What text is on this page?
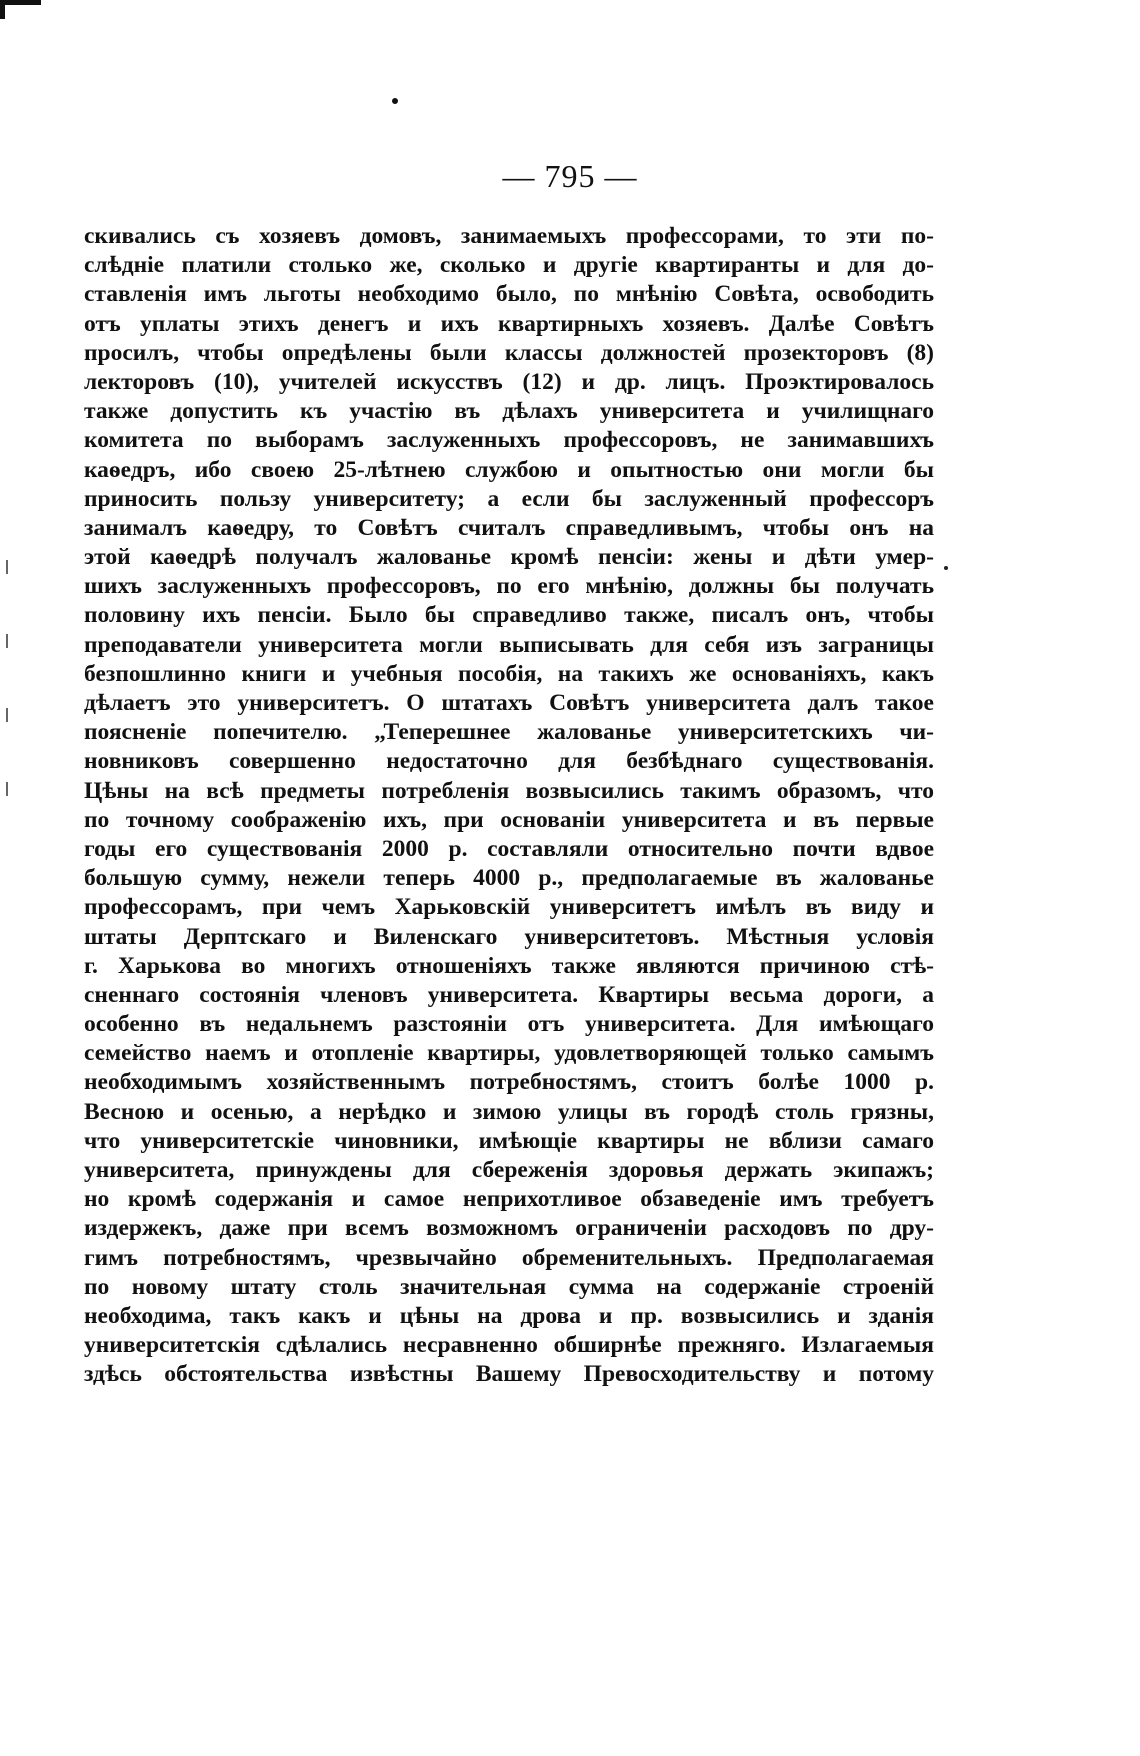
— 795 —
скивались съ хозяевъ домовъ, занимаемыхъ профессорами, то эти по-
слѣднiе платили столько же, сколько и другiе квартиранты и для до-
ставленiя имъ льготы необходимо было, по мнѣнiю Совѣта, освободить
отъ уплаты этихъ денегъ и ихъ квартирныхъ хозяевъ. Далѣе Совѣтъ
просилъ, чтобы опредѣлены были классы должностей прозекторовъ (8)
лекторовъ (10), учителей искусствъ (12) и др. лицъ. Проэктировалось
также допустить къ участiю въ дѣлахъ университета и училищнаго
комитета по выборамъ заслуженныхъ профессоровъ, не занимавшихъ
каѳедръ, ибо своею 25-лѣтнею службою и опытностью они могли бы
приносить пользу университету; а если бы заслуженный профессоръ
занималъ каѳедру, то Совѣтъ считалъ справедливымъ, чтобы онъ на
этой каѳедрѣ получалъ жалованье кромѣ пенсiи: жены и дѣти умер-
шихъ заслуженныхъ профессоровъ, по его мнѣнiю, должны бы получать
половину ихъ пенсiи. Было бы справедливо также, писалъ онъ, чтобы
преподаватели университета могли выписывать для себя изъ заграницы
безпошлинно книги и учебныя пособiя, на такихъ же основанiяхъ, какъ
дѣлаетъ это университетъ. О штатахъ Совѣтъ университета далъ такое
поясненiе попечителю. „Теперешнее жалованье университетскихъ чи-
новниковъ совершенно недостаточно для безбѣднаго существованiя.
Цѣны на всѣ предметы потребленiя возвысились такимъ образомъ, что
по точному соображенiю ихъ, при основанiи университета и въ первые
годы его существованiя 2000 р. составляли относительно почти вдвое
большую сумму, нежели теперь 4000 р., предполагаемые въ жалованье
профессорамъ, при чемъ Харьковскiй университетъ имѣлъ въ виду и
штаты Дерптскаго и Виленскаго университетовъ. Мѣстныя условiя
г. Харькова во многихъ отношенiяхъ также являются причиною стѣ-
сненнаго состоянiя членовъ университета. Квартиры весьма дороги, а
особенно въ недальнемъ разстоянiи отъ университета. Для имѣющаго
семейство наемъ и отопленiе квартиры, удовлетворяющей только самымъ
необходимымъ хозяйственнымъ потребностямъ, стоитъ болѣе 1000 р.
Весною и осенью, а нерѣдко и зимою улицы въ городѣ столь грязны,
что университетскiе чиновники, имѣющiе квартиры не вблизи самаго
университета, принуждены для сбереженiя здоровья держать экипажъ;
но кромѣ содержанiя и самое неприхотливое обзаведенiе имъ требуетъ
издержекъ, даже при всемъ возможномъ ограниченiи расходовъ по дру-
гимъ потребностямъ, чрезвычайно обременительныхъ. Предполагаемая
по новому штату столь значительная сумма на содержанiе строенiй
необходима, такъ какъ и цѣны на дрова и пр. возвысились и зданiя
университетскiя сдѣлались несравненно обширнѣе прежняго. Излагаемыя
здѣсь обстоятельства извѣстны Вашему Превосходительству и потому
